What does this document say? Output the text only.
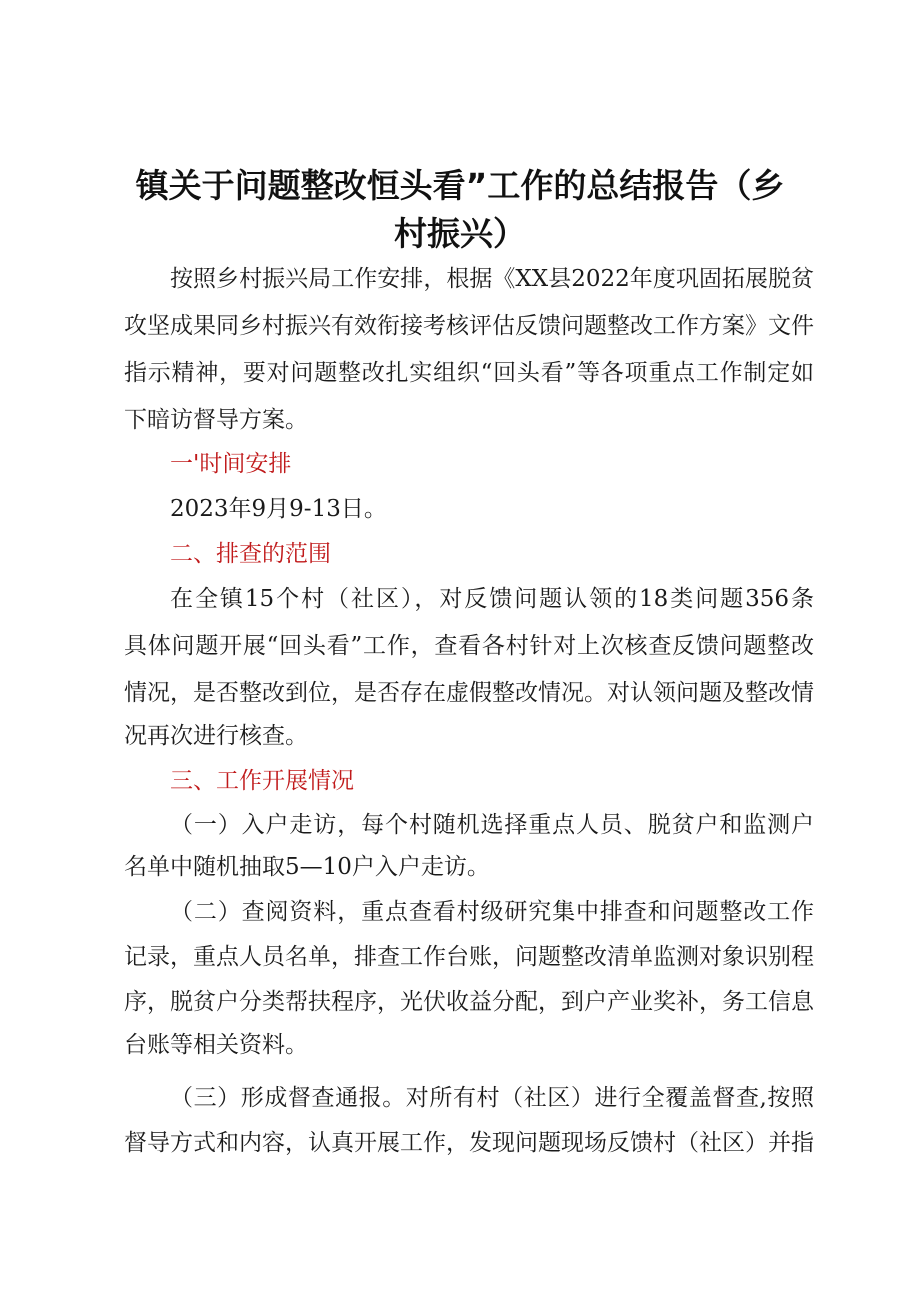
镇关于问题整改恒头看”工作的总结报告（乡
村振兴）
按照乡村振兴局工作安排，根据《XX县2022年度巩固拓展脱贫
攻坚成果同乡村振兴有效衔接考核评估反馈问题整改工作方案》文件
指示精神，要对问题整改扎实组织“回头看”等各项重点工作制定如
下暗访督导方案。
一'时间安排
2023年9月9-13日。
二、排查的范围
在全镇15个村（社区），对反馈问题认领的18类问题356条
具体问题开展“回头看”工作，查看各村针对上次核查反馈问题整改
情况，是否整改到位，是否存在虚假整改情况。对认领问题及整改情
况再次进行核查。
三、工作开展情况
（一）入户走访，每个村随机选择重点人员、脱贫户和监测户
名单中随机抽取5—10户入户走访。
（二）查阅资料，重点查看村级研究集中排查和问题整改工作
记录，重点人员名单，排查工作台账，问题整改清单监测对象识别程
序，脱贫户分类帮扶程序，光伏收益分配，到户产业奖补，务工信息
台账等相关资料。
（三）形成督查通报。对所有村（社区）进行全覆盖督查,按照
督导方式和内容，认真开展工作，发现问题现场反馈村（社区）并指
